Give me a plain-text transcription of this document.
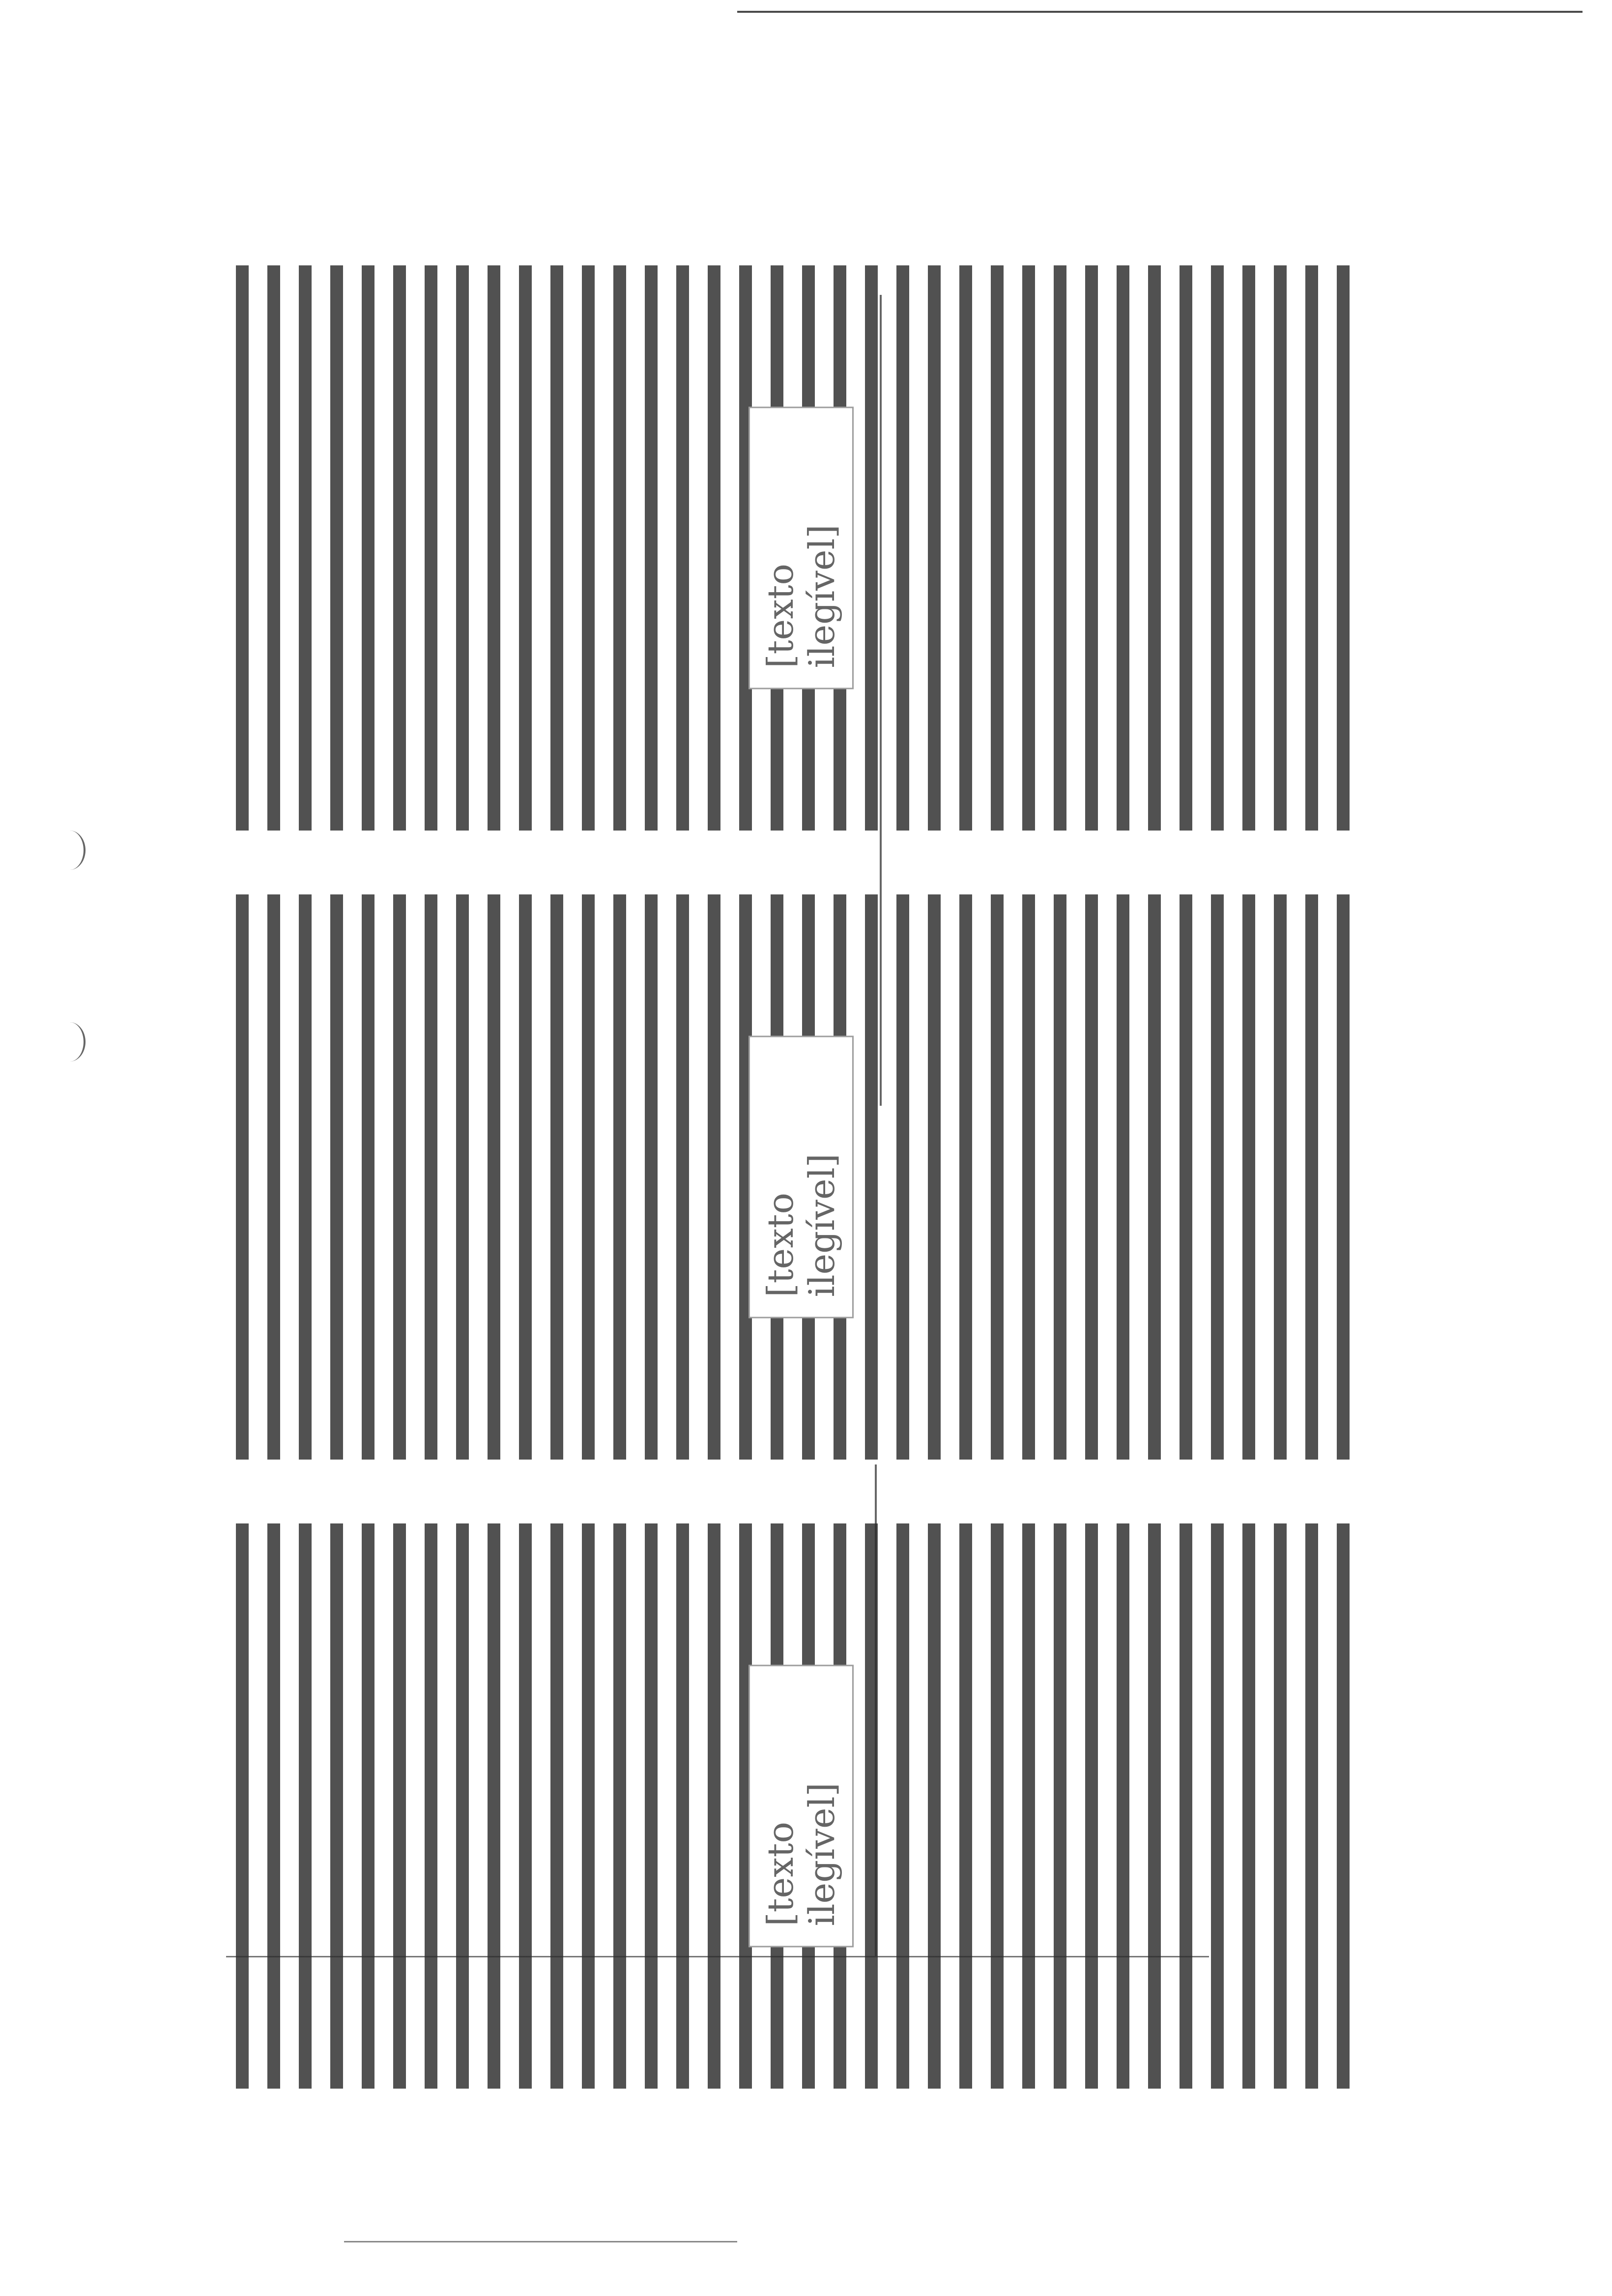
[texto ilegível]
[texto ilegível]
[texto ilegível]
